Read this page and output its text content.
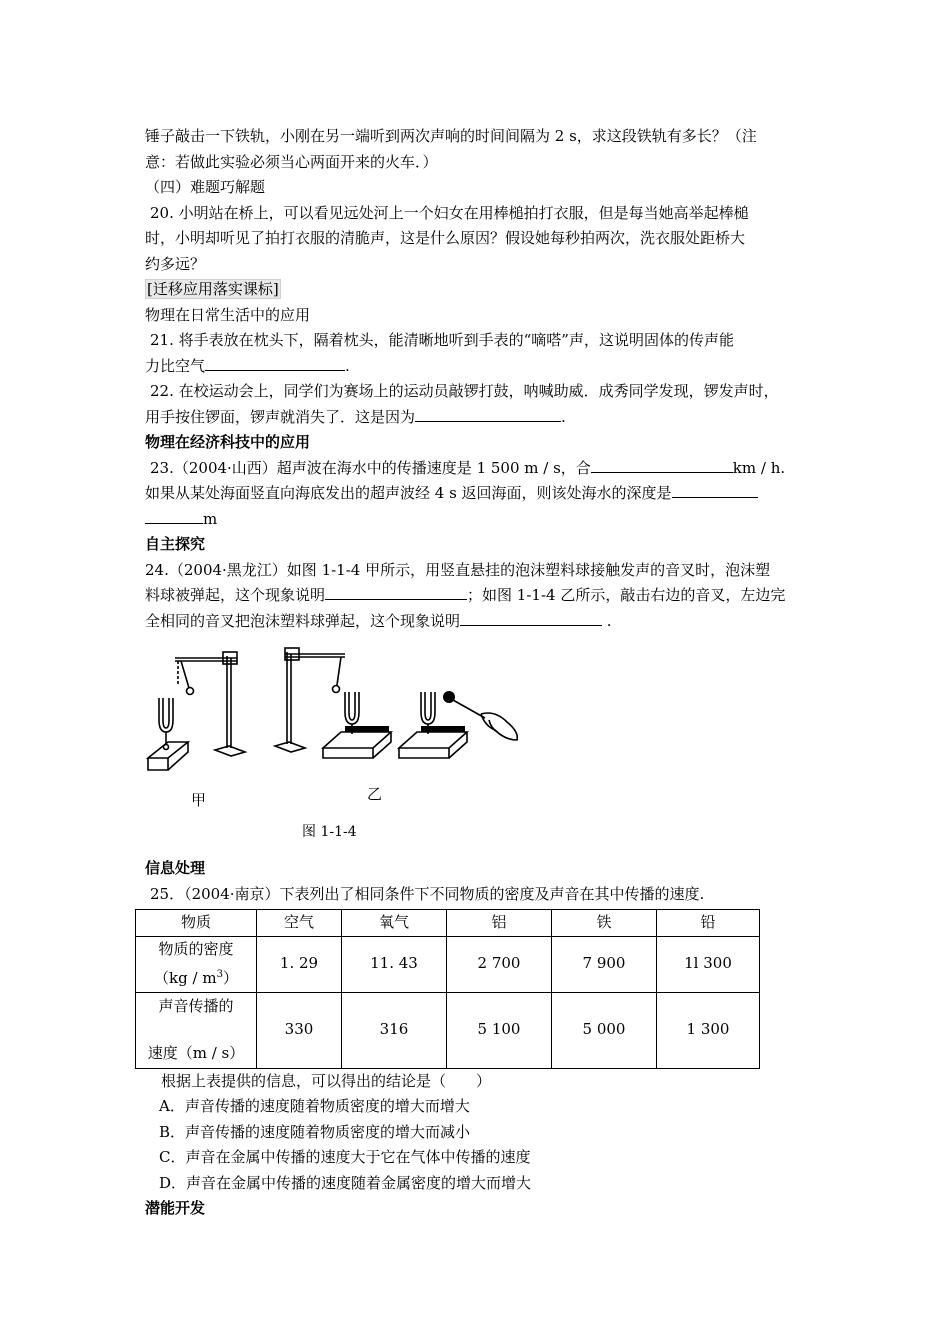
锤子敲击一下铁轨，小刚在另一端听到两次声响的时间间隔为 2 s，求这段铁轨有多长？（注

意：若做此实验必须当心两面开来的火车．）

（四）难题巧解题

20. 小明站在桥上，可以看见远处河上一个妇女在用棒槌拍打衣服，但是每当她高举起棒槌

时，小明却听见了拍打衣服的清脆声，这是什么原因？假设她每秒拍两次，洗衣服处距桥大

约多远？

[迁移应用落实课标]

物理在日常生活中的应用

21. 将手表放在枕头下，隔着枕头，能清晰地听到手表的“嘀嗒”声，这说明固体的传声能

力比空气	.

22. 在校运动会上，同学们为赛场上的运动员敲锣打鼓，呐喊助威．成秀同学发现，锣发声时，

用手按住锣面，锣声就消失了．这是因为	.

物理在经济科技中的应用

23.（2004·山西）超声波在海水中的传播速度是 1 500 m / s，合	km / h.

如果从某处海面竖直向海底发出的超声波经 4 s 返回海面，则该处海水的深度是

m

自主探究

24.（2004·黑龙江）如图 1-1-4 甲所示，用竖直悬挂的泡沫塑料球接触发声的音叉时，泡沫塑

料球被弹起，这个现象说明	；如图 1-1-4 乙所示，敲击右边的音叉，左边完

全相同的音叉把泡沫塑料球弹起，这个现象说明	.

甲	乙
图 1-1-4

信息处理

25．（2004·南京）下表列出了相同条件下不同物质的密度及声音在其中传播的速度.

物质	空气	氧气	铝	铁	铅

物质的密度
$(kg / m^3)$	1. 29	11. 43	2 700	7 900	1l 300

声音传播的
速度（m / s）	330	316	5 100	5 000	1 300

根据上表提供的信息，可以得出的结论是（　　）

A．声音传播的速度随着物质密度的增大而增大

B．声音传播的速度随着物质密度的增大而减小

C．声音在金属中传播的速度大于它在气体中传播的速度

D．声音在金属中传播的速度随着金属密度的增大而增大

潜能开发
